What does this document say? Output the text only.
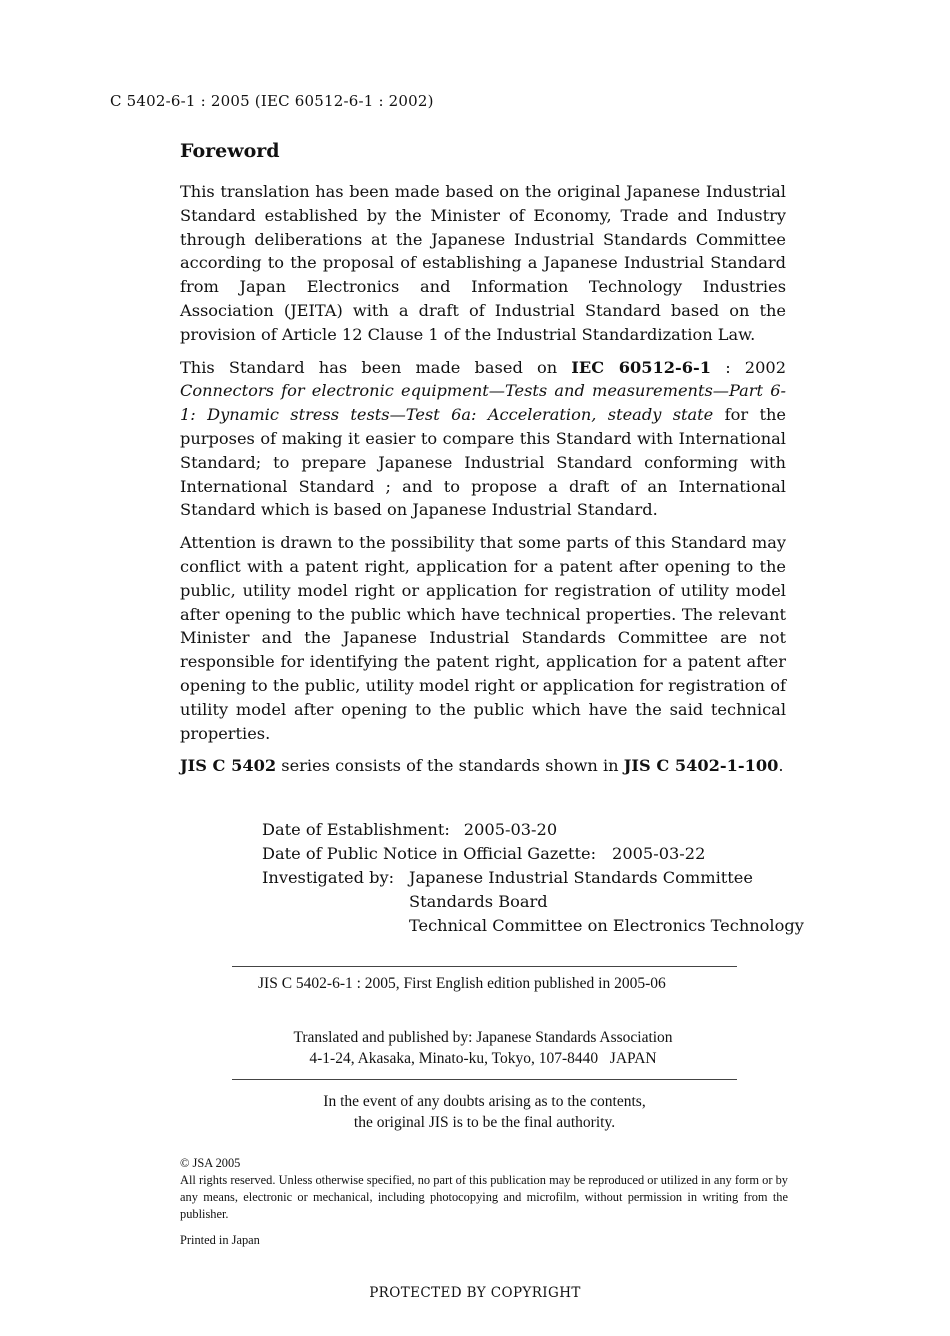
C 5402-6-1 : 2005 (IEC 60512-6-1 : 2002)
Foreword

This translation has been made based on the original Japanese Industrial Standard established by the Minister of Economy, Trade and Industry through deliberations at the Japanese Industrial Standards Committee according to the proposal of establishing a Japanese Industrial Standard from Japan Electronics and Information Technology Industries Association (JEITA) with a draft of Industrial Standard based on the provision of Article 12 Clause 1 of the Industrial Standardization Law.

This Standard has been made based on IEC 60512-6-1 : 2002 Connectors for electronic equipment—Tests and measurements—Part 6-1: Dynamic stress tests—Test 6a: Acceleration, steady state for the purposes of making it easier to compare this Standard with International Standard; to prepare Japanese Industrial Standard conforming with International Standard ; and to propose a draft of an International Standard which is based on Japanese Industrial Standard.

Attention is drawn to the possibility that some parts of this Standard may conflict with a patent right, application for a patent after opening to the public, utility model right or application for registration of utility model after opening to the public which have technical properties. The relevant Minister and the Japanese Industrial Standards Committee are not responsible for identifying the patent right, application for a patent after opening to the public, utility model right or application for registration of utility model after opening to the public which have the said technical properties.

JIS C 5402 series consists of the standards shown in JIS C 5402-1-100.

Date of Establishment: 2005-03-20
Date of Public Notice in Official Gazette: 2005-03-22
Investigated by: Japanese Industrial Standards Committee
Standards Board
Technical Committee on Electronics Technology
JIS C 5402-6-1 : 2005, First English edition published in 2005-06
Translated and published by: Japanese Standards Association
4-1-24, Akasaka, Minato-ku, Tokyo, 107-8440   JAPAN
In the event of any doubts arising as to the contents,
the original JIS is to be the final authority.
© JSA 2005
All rights reserved. Unless otherwise specified, no part of this publication may be reproduced or utilized in any form or by any means, electronic or mechanical, including photocopying and microfilm, without permission in writing from the publisher.
Printed in Japan
PROTECTED BY COPYRIGHT
